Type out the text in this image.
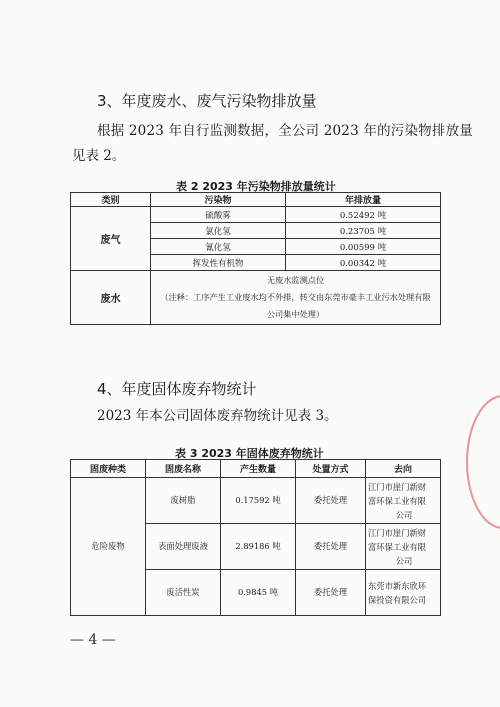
3、年度废水、废气污染物排放量
根据 2023 年自行监测数据，全公司 2023 年的污染物排放量
见表 2。
表 2 2023 年污染物排放量统计
类别	污染物	年排放量
废气	硫酸雾	0.52492 吨
	氯化氢	0.23705 吨
	氰化氢	0.00599 吨
	挥发性有机物	0.00342 吨
废水	无废水监测点位
（注释：工序产生工业废水均不外排，转交由东莞市豪丰工业污水处理有限
公司集中处理）	
4、年度固体废弃物统计
2023 年本公司固体废弃物统计见表 3。
表 3 2023 年固体废弃物统计
固废种类	固废名称	产生数量	处置方式	去向
危险废物	废树脂	0.17592 吨	委托处理	江门市崖门新财
富环保工业有限
公司

	表面处理废液	2.89186 吨	委托处理	江门市崖门新财
富环保工业有限
公司

	废活性炭	0.9845 吨	委托处理	东莞市新东欣环
保投资有限公司
— 4 —
